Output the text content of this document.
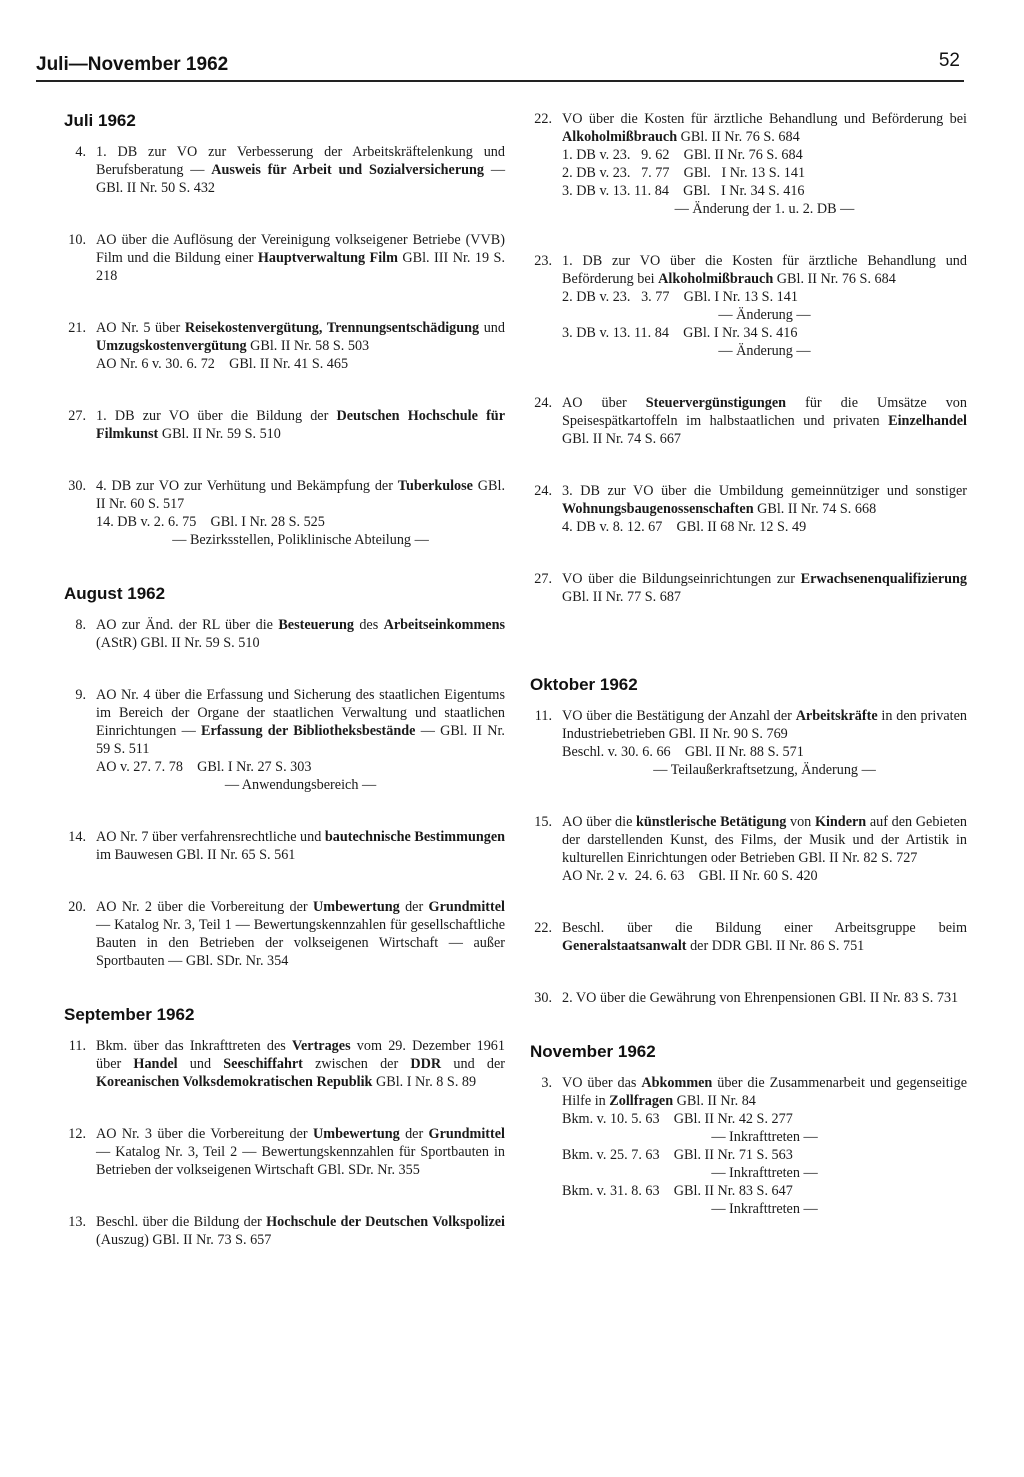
Juli—November 1962	52
Juli 1962
4. 1. DB zur VO zur Verbesserung der Arbeitskräftelenkung und Berufsberatung — Ausweis für Arbeit und Sozialversicherung — GBl. II Nr. 50 S. 432
10. AO über die Auflösung der Vereinigung volkseigener Betriebe (VVB) Film und die Bildung einer Hauptverwaltung Film GBl. III Nr. 19 S. 218
21. AO Nr. 5 über Reisekostenvergütung, Trennungsentschädigung und Umzugskostenvergütung GBl. II Nr. 58 S. 503
AO Nr. 6 v. 30. 6. 72    GBl. II Nr. 41 S. 465
27. 1. DB zur VO über die Bildung der Deutschen Hochschule für Filmkunst GBl. II Nr. 59 S. 510
30. 4. DB zur VO zur Verhütung und Bekämpfung der Tuberkulose GBl. II Nr. 60 S. 517
14. DB v. 2. 6. 75    GBl. I Nr. 28 S. 525
— Bezirksstellen, Poliklinische Abteilung —
August 1962
8. AO zur Änd. der RL über die Besteuerung des Arbeitseinkommens (AStR) GBl. II Nr. 59 S. 510
9. AO Nr. 4 über die Erfassung und Sicherung des staatlichen Eigentums im Bereich der Organe der staatlichen Verwaltung und staatlichen Einrichtungen — Erfassung der Bibliotheksbestände — GBl. II Nr. 59 S. 511
AO v. 27. 7. 78    GBl. I Nr. 27 S. 303
— Anwendungsbereich —
14. AO Nr. 7 über verfahrensrechtliche und bautechnische Bestimmungen im Bauwesen GBl. II Nr. 65 S. 561
20. AO Nr. 2 über die Vorbereitung der Umbewertung der Grundmittel — Katalog Nr. 3, Teil 1 — Bewertungskennzahlen für gesellschaftliche Bauten in den Betrieben der volkseigenen Wirtschaft — außer Sportbauten — GBl. SDr. Nr. 354
September 1962
11. Bkm. über das Inkrafttreten des Vertrages vom 29. Dezember 1961 über Handel und Seeschiffahrt zwischen der DDR und der Koreanischen Volksdemokratischen Republik GBl. I Nr. 8 S. 89
12. AO Nr. 3 über die Vorbereitung der Umbewertung der Grundmittel — Katalog Nr. 3, Teil 2 — Bewertungskennzahlen für Sportbauten in Betrieben der volkseigenen Wirtschaft GBl. SDr. Nr. 355
13. Beschl. über die Bildung der Hochschule der Deutschen Volkspolizei (Auszug) GBl. II Nr. 73 S. 657
22. VO über die Kosten für ärztliche Behandlung und Beförderung bei Alkoholmißbrauch GBl. II Nr. 76 S. 684
1. DB v. 23.   9. 62    GBl. II Nr. 76 S. 684
2. DB v. 23.   7. 77    GBl.   I Nr. 13 S. 141
3. DB v. 13. 11. 84    GBl.   I Nr. 34 S. 416
— Änderung der 1. u. 2. DB —
23. 1. DB zur VO über die Kosten für ärztliche Behandlung und Beförderung bei Alkoholmißbrauch GBl. II Nr. 76 S. 684
2. DB v. 23.   3. 77    GBl. I Nr. 13 S. 141
— Änderung —
3. DB v. 13. 11. 84    GBl. I Nr. 34 S. 416
— Änderung —
24. AO über Steuervergünstigungen für die Umsätze von Speisespätkartoffeln im halbstaatlichen und privaten Einzelhandel GBl. II Nr. 74 S. 667
24. 3. DB zur VO über die Umbildung gemeinnütziger und sonstiger Wohnungsbaugenossenschaften GBl. II Nr. 74 S. 668
4. DB v. 8. 12. 67    GBl. II 68 Nr. 12 S. 49
27. VO über die Bildungseinrichtungen zur Erwachsenenqualifizierung GBl. II Nr. 77 S. 687
Oktober 1962
11. VO über die Bestätigung der Anzahl der Arbeitskräfte in den privaten Industriebetrieben GBl. II Nr. 90 S. 769
Beschl. v. 30. 6. 66    GBl. II Nr. 88 S. 571
— Teilaußerkraftsetzung, Änderung —
15. AO über die künstlerische Betätigung von Kindern auf den Gebieten der darstellenden Kunst, des Films, der Musik und der Artistik in kulturellen Einrichtungen oder Betrieben GBl. II Nr. 82 S. 727
AO Nr. 2 v.  24. 6. 63    GBl. II Nr. 60 S. 420
22. Beschl. über die Bildung einer Arbeitsgruppe beim Generalstaatsanwalt der DDR GBl. II Nr. 86 S. 751
30. 2. VO über die Gewährung von Ehrenpensionen GBl. II Nr. 83 S. 731
November 1962
3. VO über das Abkommen über die Zusammenarbeit und gegenseitige Hilfe in Zollfragen GBl. II Nr. 84
Bkm. v. 10. 5. 63    GBl. II Nr. 42 S. 277
— Inkrafttreten —
Bkm. v. 25. 7. 63    GBl. II Nr. 71 S. 563
— Inkrafttreten —
Bkm. v. 31. 8. 63    GBl. II Nr. 83 S. 647
— Inkrafttreten —
